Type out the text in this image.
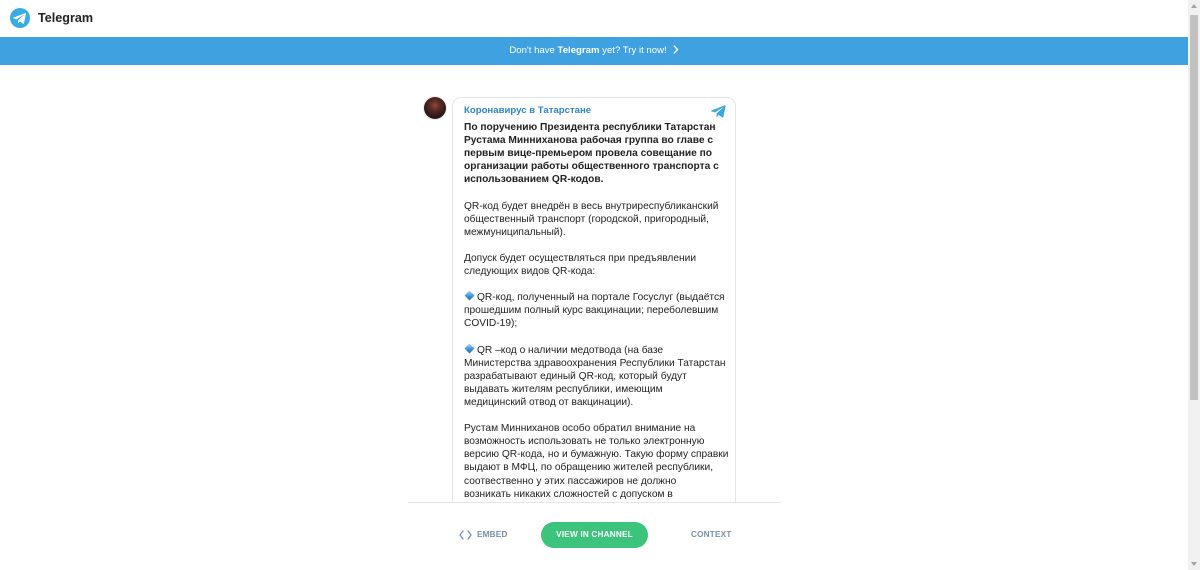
Telegram
Don't have Telegram yet? Try it now!
Коронавирус в Татарстане
По поручению Президента республики Татарстан
Рустама Минниханова рабочая группа во главе с
первым вице-премьером провела совещание по
организации работы общественного транспорта с
использованием QR-кодов.
QR-код будет внедрён в весь внутриреспубликанский
общественный транспорт (городской, пригородный,
межмуниципальный).
Допуск будет осуществляться при предъявлении
следующих видов QR-кода:
QR-код, полученный на портале Госуслуг (выдаётся
прошедшим полный курс вакцинации; переболевшим
COVID-19);
QR –код о наличии медотвода (на базе
Министерства здравоохранения Республики Татарстан
разрабатывают единый QR-код, который будут
выдавать жителям республики, имеющим
медицинский отвод от вакцинации).
Рустам Минниханов особо обратил внимание на
возможность использовать не только электронную
версию QR-кода, но и бумажную. Такую форму справки
выдают в МФЦ, по обращению жителей республики,
соотвественно у этих пассажиров не должно
возникать никаких сложностей с допуском в
EMBED	VIEW IN CHANNEL	CONTEXT
